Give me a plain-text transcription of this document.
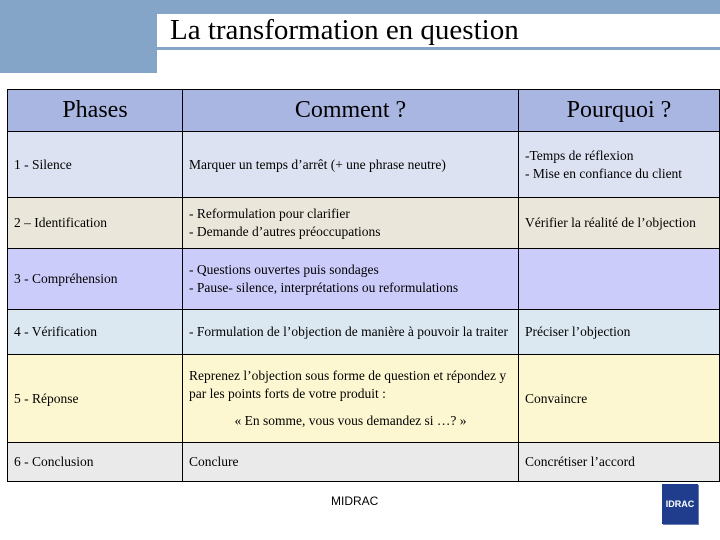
La transformation en question
Phases	Comment ?	Pourquoi ?
1 - Silence	Marquer un temps d’arrêt (+ une phrase neutre)	-Temps de réflexion
- Mise en confiance du client

2 – Identification	- Reformulation pour clarifier
- Demande d’autres préoccupations	Vérifier la réalité de l’objection

3 - Compréhension	- Questions ouvertes puis sondages
- Pause- silence, interprétations ou reformulations	

4 - Vérification	- Formulation de l’objection de manière à pouvoir la traiter	Préciser l’objection

5 - Réponse	Reprenez l’objection sous forme de question et répondez y par les points forts de votre produit :
« En somme, vous vous demandez si …? »	Convaincre

6 - Conclusion	Conclure	Concrétiser l’accord
MIDRAC	IDRAC
